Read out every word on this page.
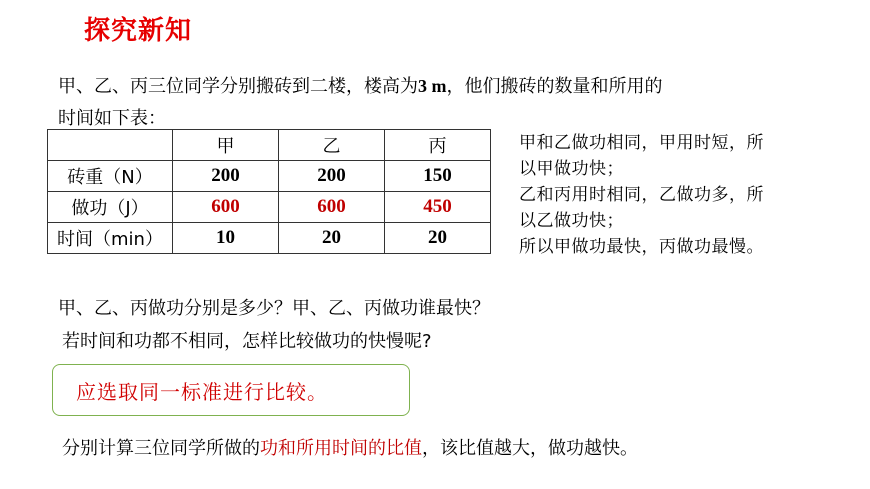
探究新知
甲、乙、丙三位同学分别搬砖到二楼，楼高为3 m，他们搬砖的数量和所用的
时间如下表：
	甲	乙	丙
砖重（N）	200	200	150
做功（J）	600	600	450
时间（min）	10	20	20
甲和乙做功相同，甲用时短，所
以甲做功快；
乙和丙用时相同，乙做功多，所
以乙做功快；
所以甲做功最快，丙做功最慢。
甲、乙、丙做功分别是多少？甲、乙、丙做功谁最快？
若时间和功都不相同，怎样比较做功的快慢呢?
应选取同一标准进行比较。
分别计算三位同学所做的功和所用时间的比值，该比值越大，做功越快。
